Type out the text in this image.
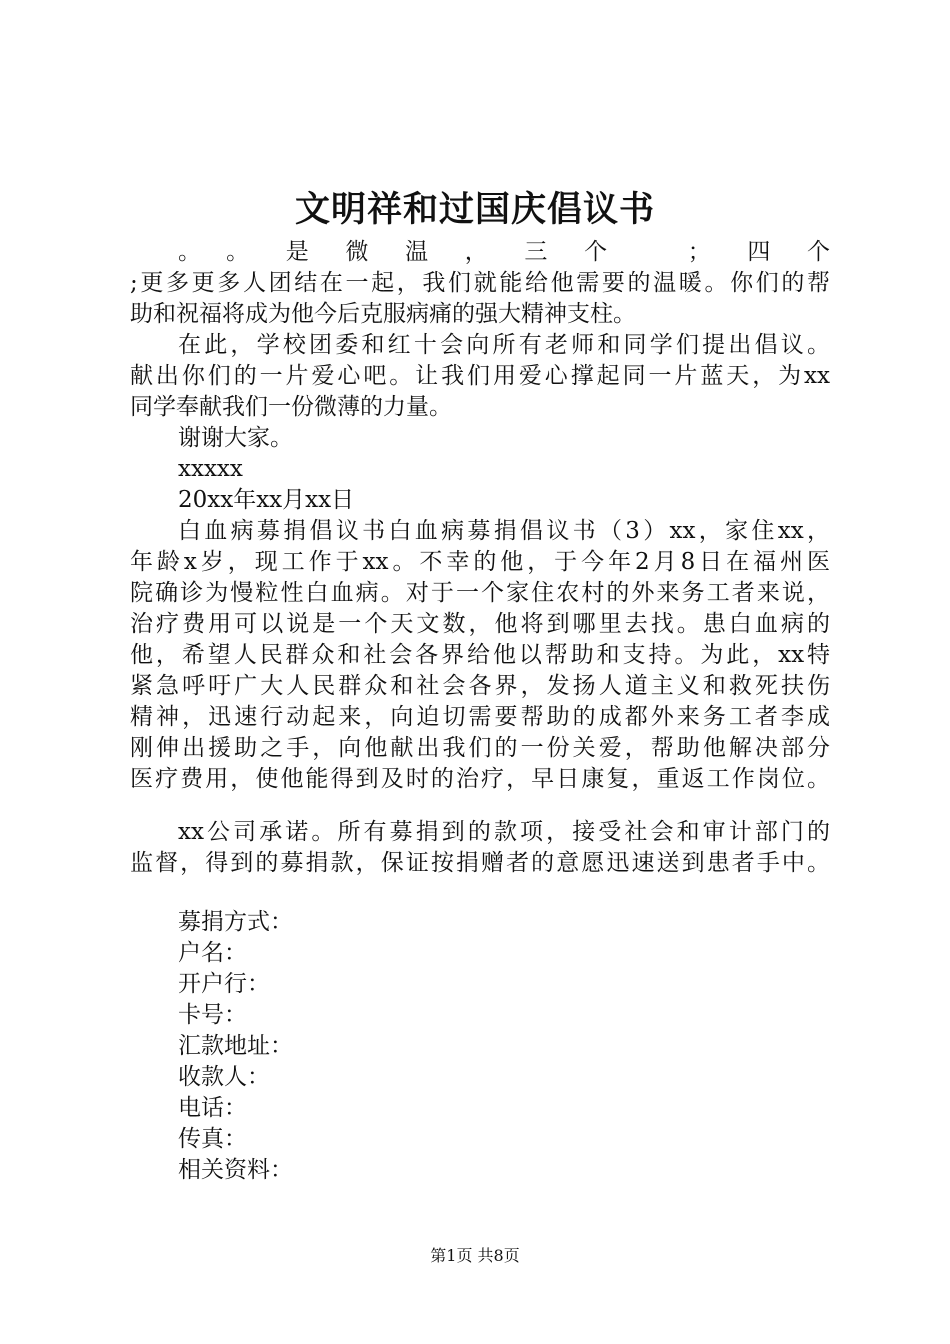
文明祥和过国庆倡议书
。。是微温，三个 ；四个
;更多更多人团结在一起，我们就能给他需要的温暖。你们的帮
助和祝福将成为他今后克服病痛的强大精神支柱。
在此，学校团委和红十会向所有老师和同学们提出倡议。
献出你们的一片爱心吧。让我们用爱心撑起同一片蓝天，为xx
同学奉献我们一份微薄的力量。
谢谢大家。
xxxxx
20xx年xx月xx日
白血病募捐倡议书白血病募捐倡议书（3）xx，家住xx，
年龄x岁，现工作于xx。不幸的他，于今年2月8日在福州医
院确诊为慢粒性白血病。对于一个家住农村的外来务工者来说，
治疗费用可以说是一个天文数，他将到哪里去找。患白血病的
他，希望人民群众和社会各界给他以帮助和支持。为此，xx特
紧急呼吁广大人民群众和社会各界，发扬人道主义和救死扶伤
精神，迅速行动起来，向迫切需要帮助的成都外来务工者李成
刚伸出援助之手，向他献出我们的一份关爱，帮助他解决部分
医疗费用，使他能得到及时的治疗，早日康复，重返工作岗位。
xx公司承诺。所有募捐到的款项，接受社会和审计部门的
监督，得到的募捐款，保证按捐赠者的意愿迅速送到患者手中。
募捐方式：
户名：
开户行：
卡号：
汇款地址：
收款人：
电话：
传真：
相关资料：
第1页 共8页
